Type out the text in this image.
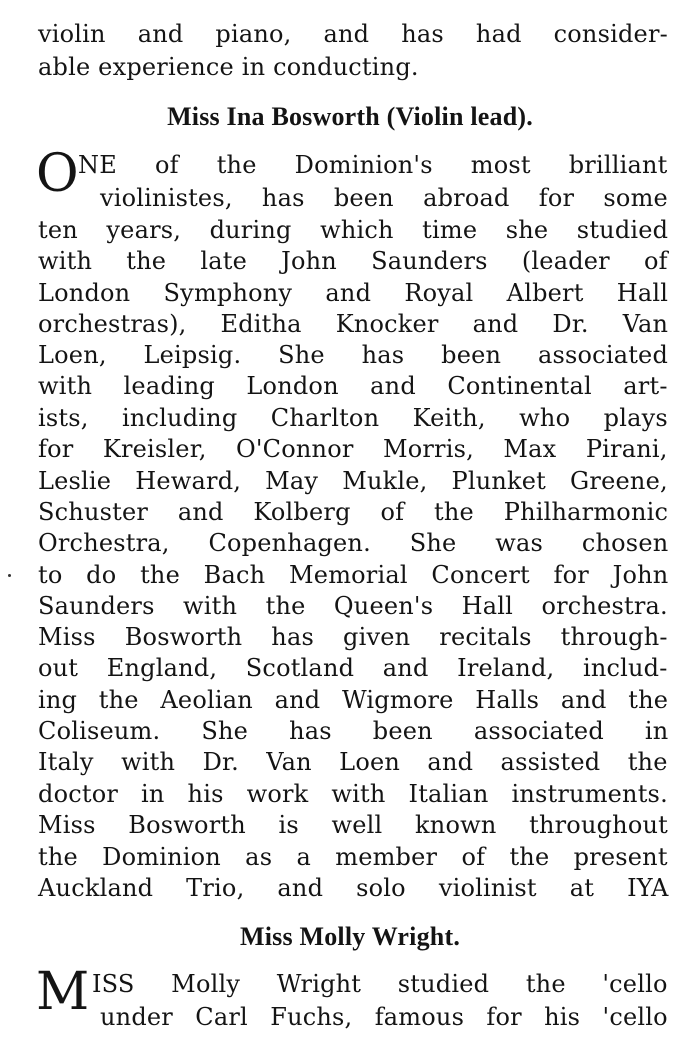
violin and piano, and has had consider-
able experience in conducting.
Miss Ina Bosworth (Violin lead).
O NE of the Dominion's most brilliant
violinistes, has been abroad for some
ten years, during which time she studied
with the late John Saunders (leader of
London Symphony and Royal Albert Hall
orchestras), Editha Knocker and Dr. Van
Loen, Leipsig. She has been associated
with leading London and Continental art-
ists, including Charlton Keith, who plays
for Kreisler, O'Connor Morris, Max Pirani,
Leslie Heward, May Mukle, Plunket Greene,
Schuster and Kolberg of the Philharmonic
Orchestra, Copenhagen. She was chosen
to do the Bach Memorial Concert for John
Saunders with the Queen's Hall orchestra.
Miss Bosworth has given recitals through-
out England, Scotland and Ireland, includ-
ing the Aeolian and Wigmore Halls and the
Coliseum. She has been associated in
Italy with Dr. Van Loen and assisted the
doctor in his work with Italian instruments.
Miss Bosworth is well known throughout
the Dominion as a member of the present
Auckland Trio, and solo violinist at IYA
Miss Molly Wright.
M ISS Molly Wright studied the 'cello
under Carl Fuchs, famous for his 'cello
